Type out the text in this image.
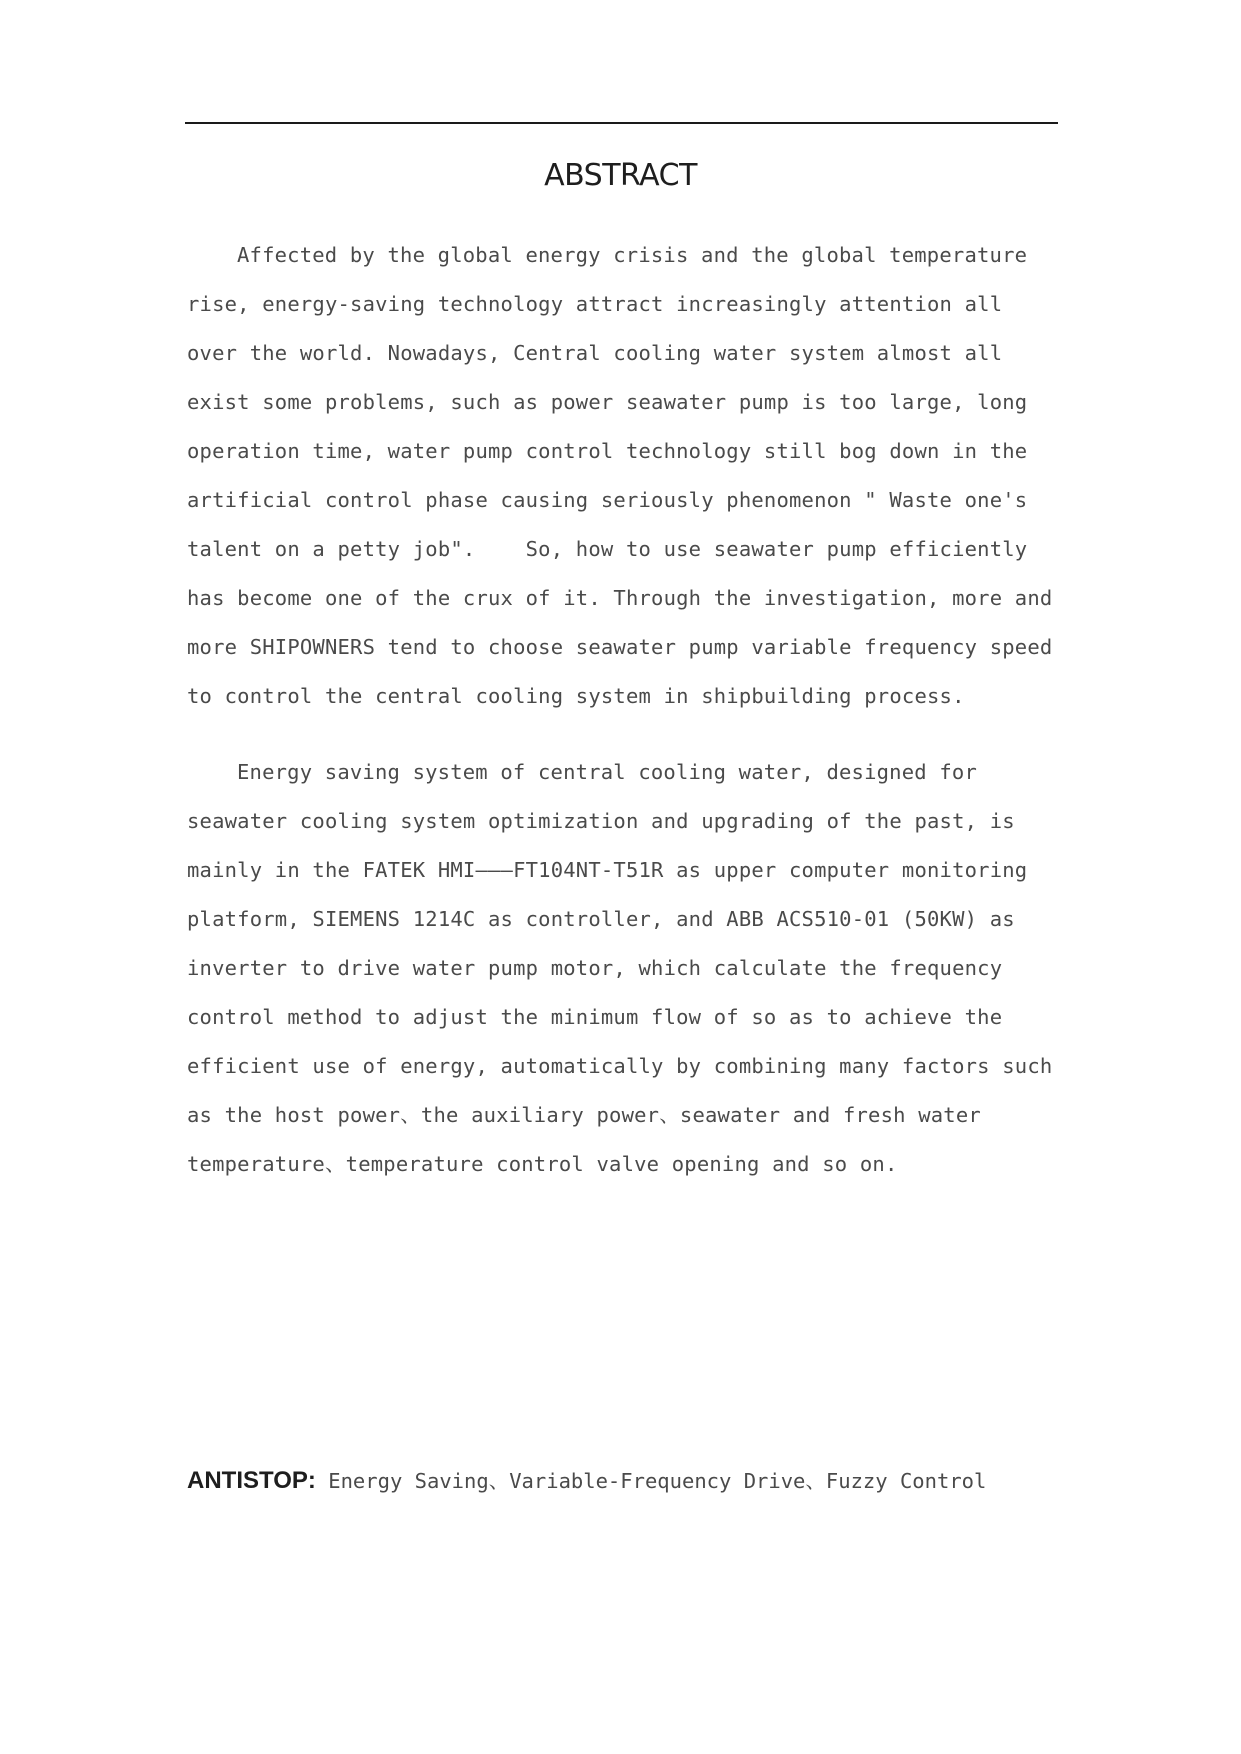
ABSTRACT
Affected by the global energy crisis and the global temperature
rise, energy-saving technology attract increasingly attention all
over the world. Nowadays, Central cooling water system almost all
exist some problems, such as power seawater pump is too large, long
operation time, water pump control technology still bog down in the
artificial control phase causing seriously phenomenon " Waste one's
talent on a petty job".    So, how to use seawater pump efficiently
has become one of the crux of it. Through the investigation, more and
more SHIPOWNERS tend to choose seawater pump variable frequency speed
to control the central cooling system in shipbuilding process.
Energy saving system of central cooling water, designed for
seawater cooling system optimization and upgrading of the past, is
mainly in the FATEK HMI———FT104NT-T51R as upper computer monitoring
platform, SIEMENS 1214C as controller, and ABB ACS510-01 (50KW) as
inverter to drive water pump motor, which calculate the frequency
control method to adjust the minimum flow of so as to achieve the
efficient use of energy, automatically by combining many factors such
as the host power、the auxiliary power、seawater and fresh water
temperature、temperature control valve opening and so on.
ANTISTOP: Energy Saving、Variable-Frequency Drive、Fuzzy Control
